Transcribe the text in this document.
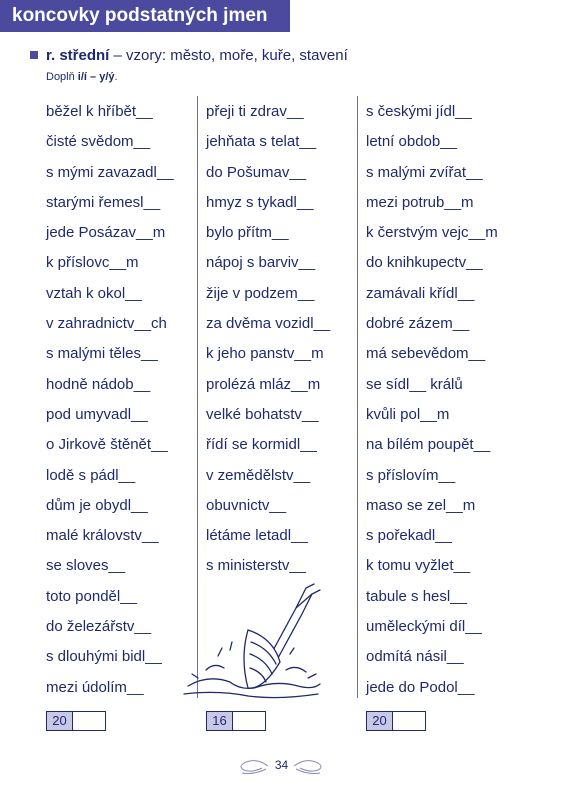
koncovky podstatných jmen
r. střední – vzory: město, moře, kuře, stavení
Doplň i/í – y/ý.
běžel k hříbět__
čisté svědom__
s mými zavazadl__
starými řemesl__
jede Posázav__m
k příslovc__m
vztah k okol__
v zahradnictv__ch
s malými těles__
hodně nádob__
pod umyvadl__
o Jirkově štěnět__
lodě s pádl__
dům je obydl__
malé královstv__
se sloves__
toto ponděl__
do železářstv__
s dlouhými bidl__
mezi údolím__
přeji ti zdrav__
jehňata s telat__
do Pošumav__
hmyz s tykadl__
bylo přítm__
nápoj s barviv__
žije v podzem__
za dvěma vozidl__
k jeho panstv__m
prolézá mláz__m
velké bohatstv__
řídí se kormidl__
v zemědělstv__
obuvnictv__
létáme letadl__
s ministerstv__
s českými jídl__
letní obdob__
s malými zvířat__
mezi potrub__m
k čerstvým vejc__m
do knihkupectv__
zamávali křídl__
dobré zázem__
má sebevědom__
se sídl__ králů
kvůli pol__m
na bílém poupět__
s příslovím__
maso se zel__m
s pořekadl__
k tomu vyžlet__
tabule s hesl__
uměleckými díl__
odmítá násil__
jede do Podol__
20	16	20
34
